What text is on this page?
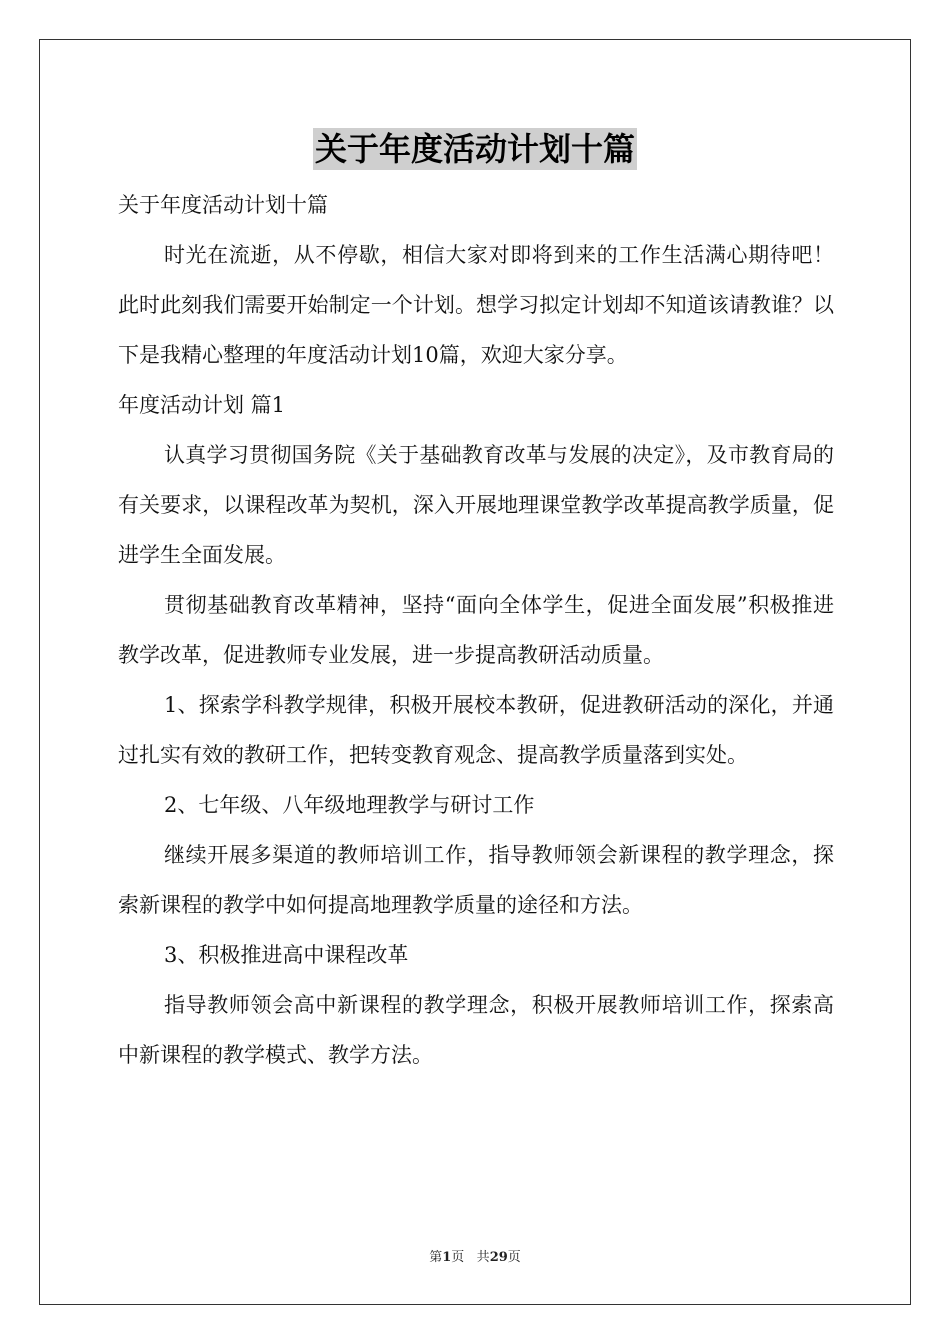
关于年度活动计划十篇

关于年度活动计划十篇

时光在流逝，从不停歇，相信大家对即将到来的工作生活满心期待吧！此时此刻我们需要开始制定一个计划。想学习拟定计划却不知道该请教谁？以下是我精心整理的年度活动计划10篇，欢迎大家分享。

年度活动计划 篇1

认真学习贯彻国务院《关于基础教育改革与发展的决定》，及市教育局的有关要求，以课程改革为契机，深入开展地理课堂教学改革提高教学质量，促进学生全面发展。

贯彻基础教育改革精神，坚持“面向全体学生，促进全面发展”积极推进教学改革，促进教师专业发展，进一步提高教研活动质量。

1、探索学科教学规律，积极开展校本教研，促进教研活动的深化，并通过扎实有效的教研工作，把转变教育观念、提高教学质量落到实处。

2、七年级、八年级地理教学与研讨工作

继续开展多渠道的教师培训工作，指导教师领会新课程的教学理念，探索新课程的教学中如何提高地理教学质量的途径和方法。

3、积极推进高中课程改革

指导教师领会高中新课程的教学理念，积极开展教师培训工作，探索高中新课程的教学模式、教学方法。

第1页 共29页
